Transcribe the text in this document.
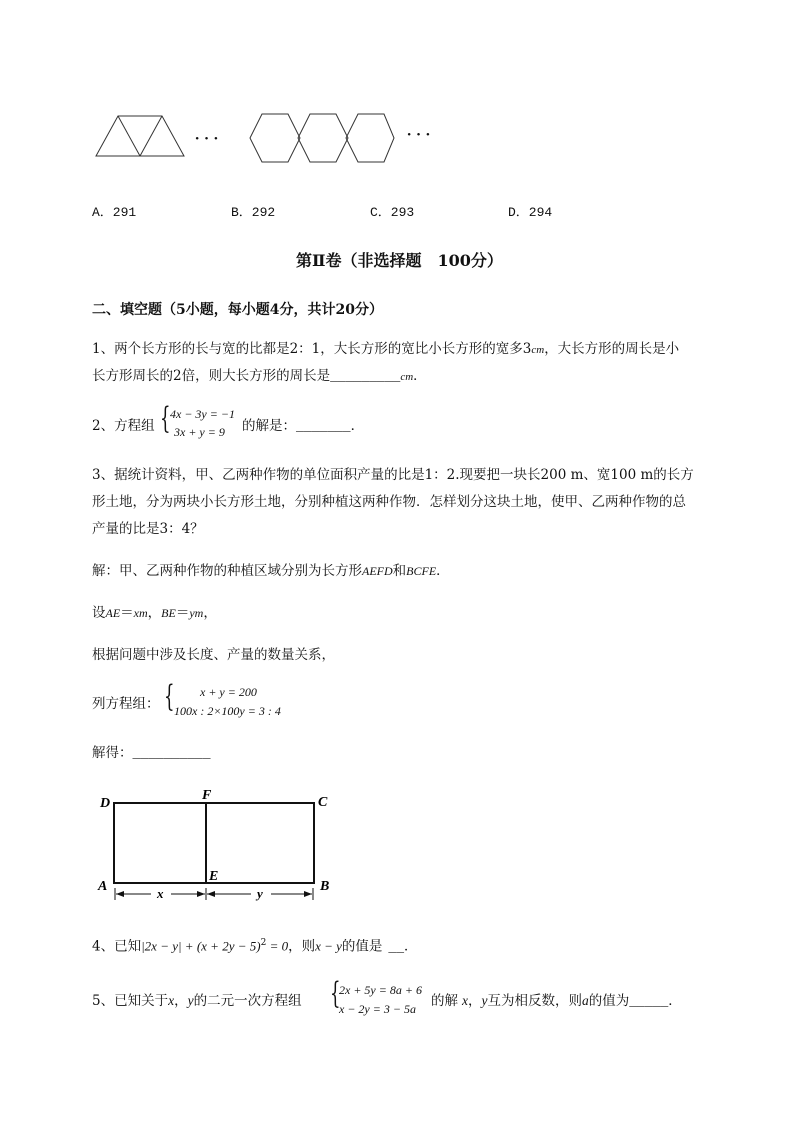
···	···
A．291	B．292	C．293	D．294
第Ⅱ卷（非选择题　100分）
二、填空题（5小题，每小题4分，共计20分）
1、两个长方形的长与宽的比都是2：1，大长方形的宽比小长方形的宽多3cm，大长方形的周长是小
长方形周长的2倍，则大长方形的周长是_________cm．
2、方程组 { 4x − 3y = −1
3x + y = 9 的解是：_______．
3、据统计资料，甲、乙两种作物的单位面积产量的比是1：2.现要把一块长200 m、宽100 m的长方
形土地，分为两块小长方形土地，分别种植这两种作物．怎样划分这块土地，使甲、乙两种作物的总
产量的比是3：4？
解：甲、乙两种作物的种植区域分别为长方形AEFD和BCFE．
设AE＝xm，BE＝ym，
根据问题中涉及长度、产量的数量关系，
列方程组： { x + y = 200
100x : 2×100y = 3 : 4
解得：__________
D
F	C
A
E
B
x	y
4、已知$|2x - y| + (x + 2y - 5)^2 = 0$，则x − y的值是 __．
5、已知关于x，y的二元一次方程组 {
2x + 5y = 8a + 6
x − 2y = 3 − 5a 的解 x，y互为相反数，则a的值为_____．
